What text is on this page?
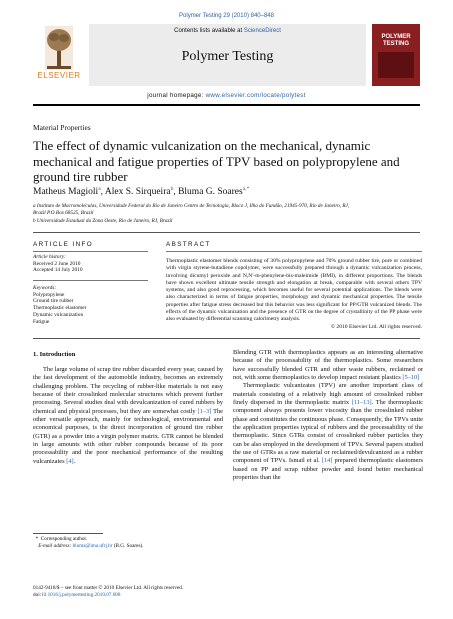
Polymer Testing 29 (2010) 840–848
ELSEVIER
Contents lists available at ScienceDirect
Polymer Testing
POLYMER TESTING
journal homepage: www.elsevier.com/locate/polytest
Material Properties
The effect of dynamic vulcanization on the mechanical, dynamic mechanical and fatigue properties of TPV based on polypropylene and ground tire rubber
Matheus Magioli$^a$, Alex S. Sirqueira$^b$, Bluma G. Soares$^{a,*}$
a Instituto de Macromoléculas, Universidade Federal do Rio de Janeiro Centro de Tecnologia, Bloco J, Ilha do Fundão, 21945-970, Rio de Janeiro, RJ,
Brazil P.O.Box 68525, Brazil
b Universidade Estadual da Zona Oeste, Rio de Janeiro, RJ, Brazil
ARTICLE INFO
Article history:
Received 2 June 2010
Accepted 14 July 2010
Keywords:
Polypropylene
Ground tire rubber
Thermoplastic elastomer
Dynamic vulcanization
Fatigue
ABSTRACT
Thermoplastic elastomer blends consisting of 30% polypropylene and 70% ground rubber tire, pure or combined with virgin styrene-butadiene copolymer, were successfully prepared through a dynamic vulcanization process, involving dicumyl peroxide and N,N'-m-phenylene-bis-maleimide (BMI), in different proportions. The blends have shown excellent ultimate tensile strength and elongation at break, comparable with several others TPV systems, and also good reprocessing, which becomes useful for several potential applications. The blends were also characterized in terms of fatigue properties, morphology and dynamic mechanical properties. The tensile properties after fatigue stress decreased but this behavior was less significant for PP/GTR vulcanized blends. The effects of the dynamic vulcanization and the presence of GTR on the degree of crystallinity of the PP phase were also evaluated by differential scanning calorimetry analysis.
© 2010 Elsevier Ltd. All rights reserved.
1. Introduction

The large volume of scrap tire rubber discarded every year, caused by the fast development of the automobile industry, becomes an extremely challenging problem. The recycling of rubber-like materials is not easy because of their crosslinked molecular structures which prevent further processing. Several studies deal with devulcanization of cured rubbers by chemical and physical processes, but they are somewhat costly [1–3] The other versatile approach, mainly for technological, environmental and economical purposes, is the direct incorporation of ground tire rubber (GTR) as a powder into a virgin polymer matrix. GTR cannot be blended in large amounts with other rubber compounds because of its poor processability and the poor mechanical performance of the resulting vulcanizates [4].

Blending GTR with thermoplastics appears as an interesting alternative because of the processability of the thermoplastics. Some researchers have successfully blended GTR and other waste rubbers, reclaimed or not, with some thermoplastics to develop impact resistant plastics [5–10]

Thermoplastic vulcanizates (TPV) are another important class of materials consisting of a relatively high amount of crosslinked rubber finely dispersed in the thermoplastic matrix [11–13]. The thermoplastic component always presents lower viscosity than the crosslinked rubber phase and constitutes the continuous phase. Consequently, the TPVs unite the application properties typical of rubbers and the processability of the thermoplastic. Since GTRs consist of crosslinked rubber particles they can be also employed in the development of TPVs. Several papers studied the use of GTRs as a raw material or reclaimed/devulcanized as a rubber component of TPVs. Ismail et al. [14] prepared thermoplastic elastomers based on PP and scrap rubber powder and found better mechanical properties than the

* Corresponding author.
E-mail address: bluma@ima.ufrj.br (B.G. Soares).
0142-9418/$ – see front matter © 2010 Elsevier Ltd. All rights reserved.
doi:10.1016/j.polymertesting.2010.07.008
